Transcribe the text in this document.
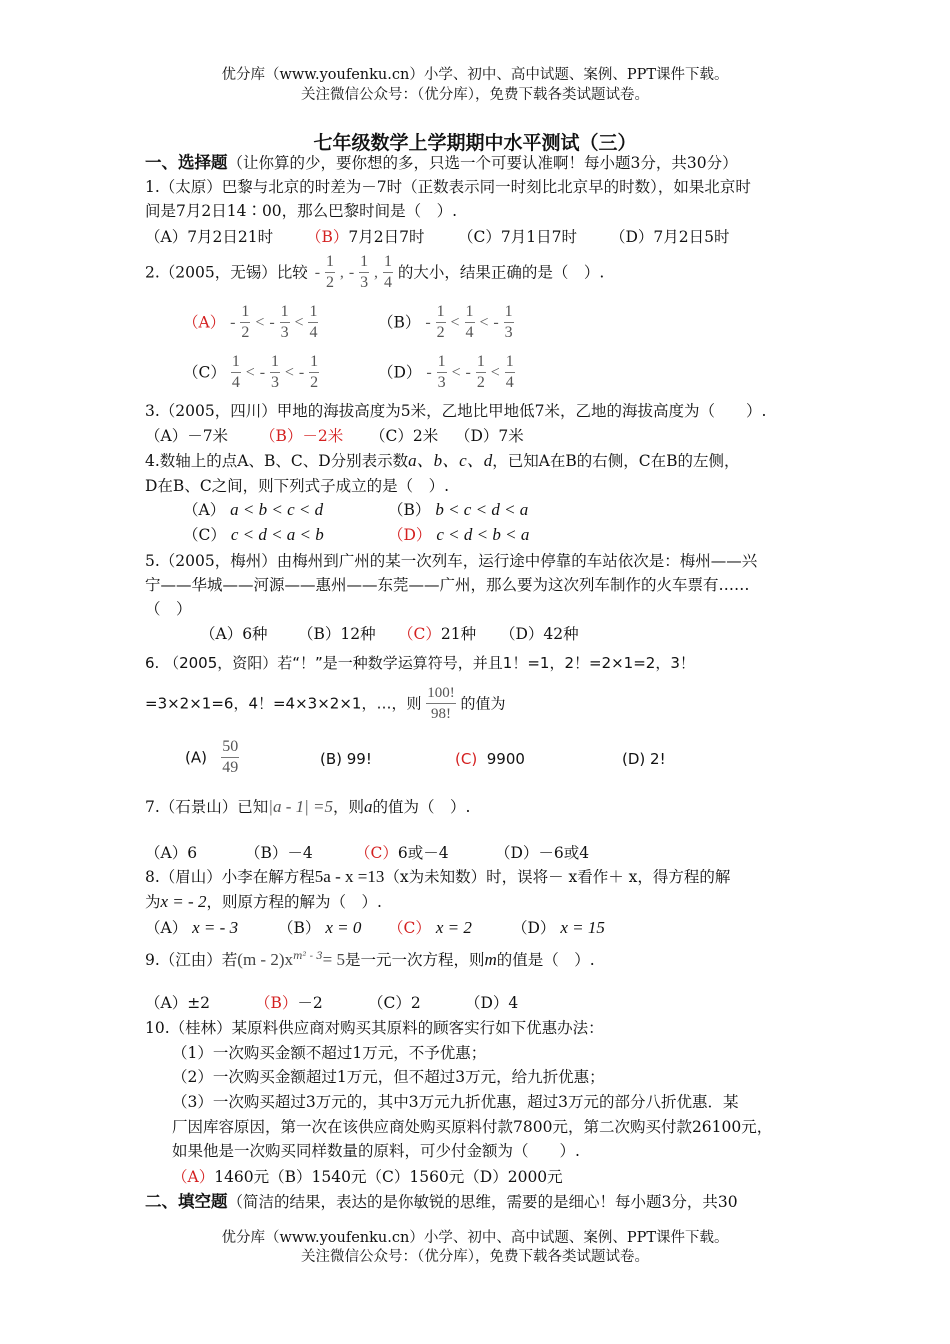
优分库（www.youfenku.cn）小学、初中、高中试题、案例、PPT课件下载。
关注微信公众号：（优分库），免费下载各类试题试卷。
七年级数学上学期期中水平测试（三）
一、选择题（让你算的少，要你想的多，只选一个可要认准啊！每小题3分，共30分）
1.（太原）巴黎与北京的时差为－7时（正数表示同一时刻比北京早的时数），如果北京时
间是7月2日14∶00，那么巴黎时间是（　）.
（A）7月2日21时 （B）7月2日7时 （C）7月1日7时 （D）7月2日5时
2.（2005，无锡）比较 - $\frac{1}{2}$ , - $\frac{1}{3}$ , $\frac{1}{4}$ 的大小，结果正确的是（　）.
$(A) - \frac{1}{2}$ < - $\frac{1}{3} < \frac{1}{4}$	$(B) - \frac{1}{2} < \frac{1}{4}$ < - $\frac{1}{3}$
$(C) \frac{1}{4}$ < - $\frac{1}{3}$ < - $\frac{1}{2}$	$(D) - \frac{1}{3}$ < - $\frac{1}{2} < \frac{1}{4}$
3.（2005，四川）甲地的海拔高度为5米，乙地比甲地低7米，乙地的海拔高度为（　　）.
（A）－7米 （B）－2米 （C）2米 （D）7米
4.数轴上的点A、B、C、D分别表示数a、b、c、d，已知A在B的右侧，C在B的左侧，
D在B、C之间，则下列式子成立的是（　）.
（A） a < b < c < d	（B） b < c < d < a
（C） c < d < a < b	（D） c < d < b < a
5.（2005，梅州）由梅州到广州的某一次列车，运行途中停靠的车站依次是：梅州——兴
宁——华城——河源——惠州——东莞——广州，那么要为这次列车制作的火车票有……
（　）
（A）6种 （B）12种 （C）21种 （D）42种
6. （2005，资阳）若“！”是一种数学运算符号，并且1！=1，2！=2×1=2，3！
=3×2×1=6，4！=4×3×2×1，…，则 $\frac{100!}{98!}$ 的值为
$(A) \frac{50}{49}$	(B) 99!	(C) 9900	(D) 2!
7.（石景山）已知|a - 1| =5，则a的值为（　）.
（A）6	（B）－4	（C）6或－4	（D）－6或4
8.（眉山）小李在解方程5a - x =13（x为未知数）时，误将－ x看作＋ x，得方程的解
为x = - 2，则原方程的解为（　）.
（A） x = - 3	（B） x = 0 （C） x = 2	（D） x = 15
9.（江由）若$(m - 2)x^{m^2 - 3}= 5$是一元一次方程，则m的值是（　）.
（A）±2	（B）－2	（C）2	（D）4
10.（桂林）某原料供应商对购买其原料的顾客实行如下优惠办法：
（1）一次购买金额不超过1万元，不予优惠；
（2）一次购买金额超过1万元，但不超过3万元，给九折优惠；
（3）一次购买超过3万元的，其中3万元九折优惠，超过3万元的部分八折优惠．某
厂因库容原因，第一次在该供应商处购买原料付款7800元，第二次购买付款26100元，
如果他是一次购买同样数量的原料，可少付金额为（　　）.
（A）1460元（B）1540元（C）1560元（D）2000元
二、填空题（简洁的结果，表达的是你敏锐的思维，需要的是细心！每小题3分，共30
优分库（www.youfenku.cn）小学、初中、高中试题、案例、PPT课件下载。
关注微信公众号：（优分库），免费下载各类试题试卷。
